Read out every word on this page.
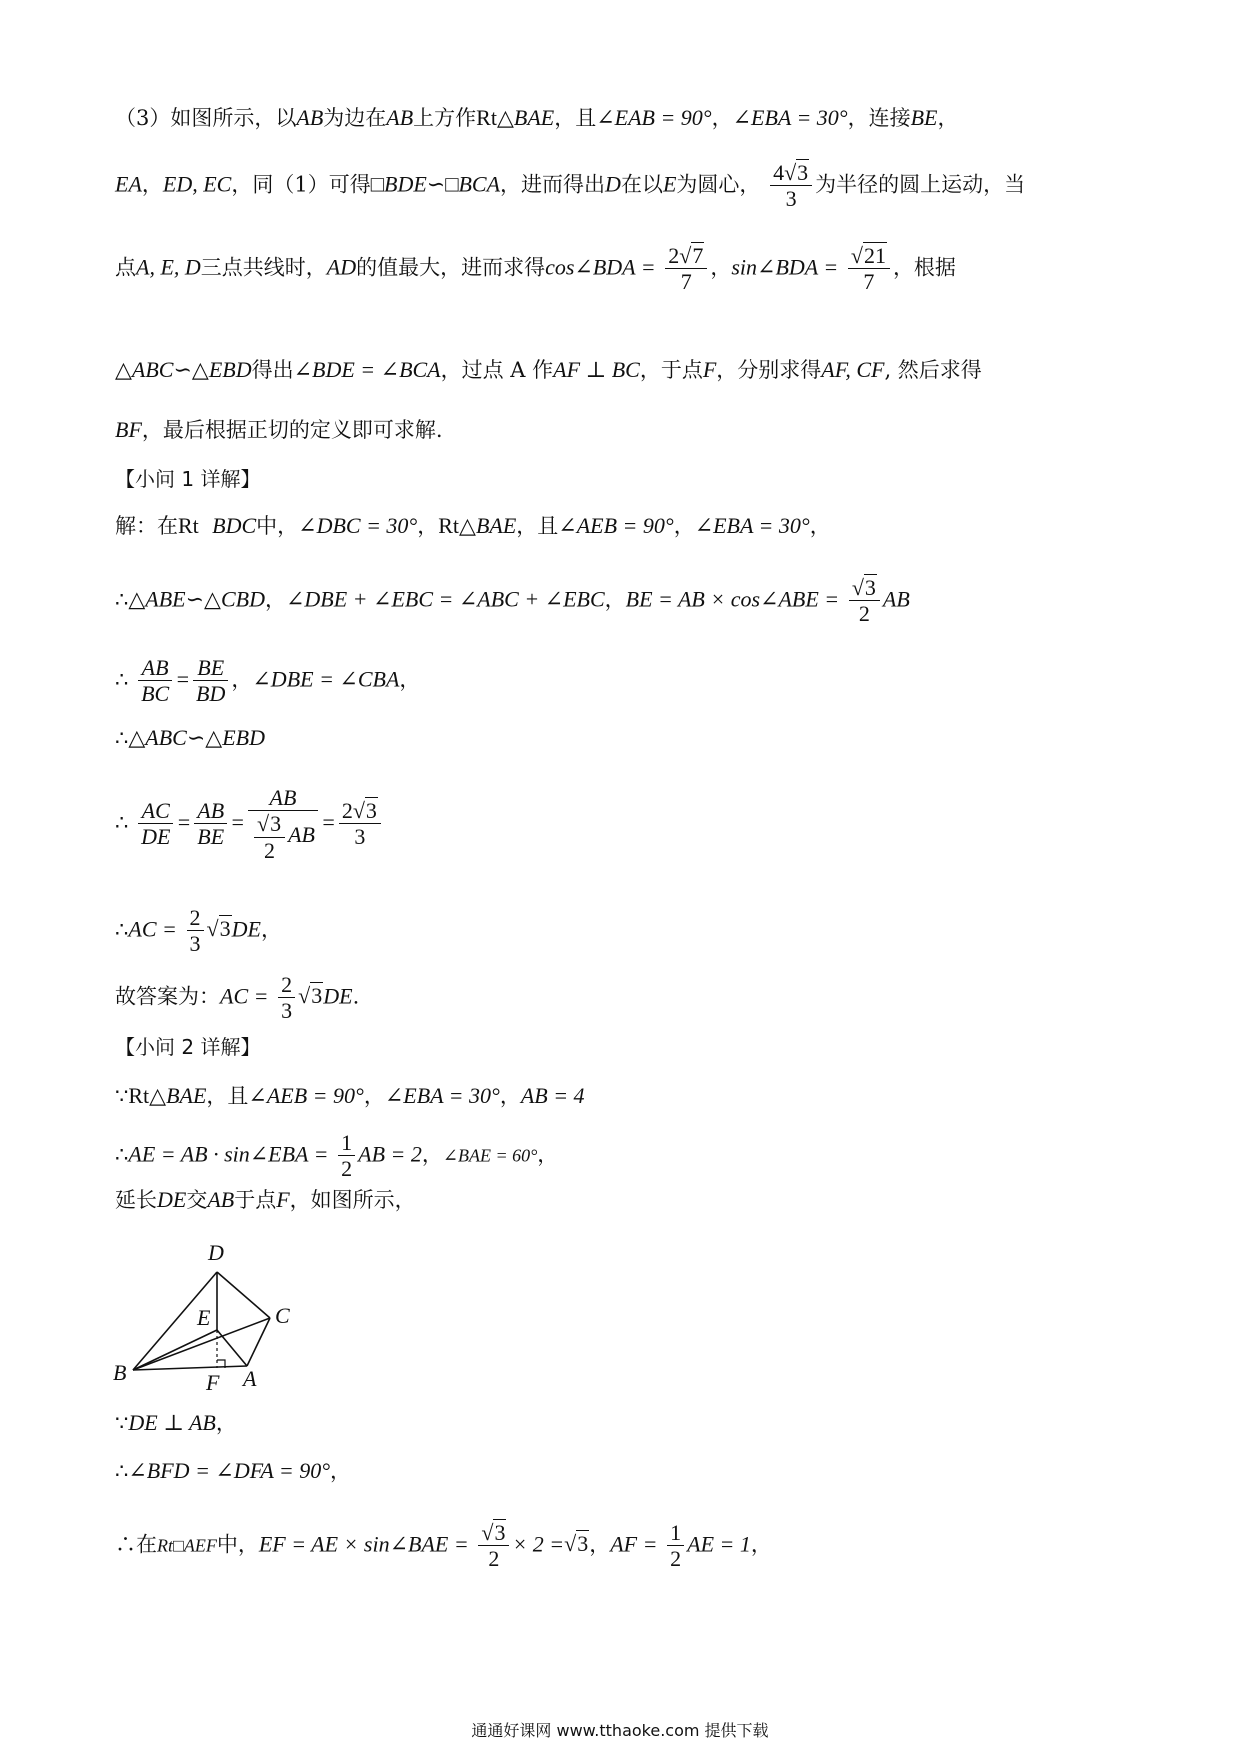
（3）如图所示，以AB为边在AB上方作Rt△BAE，且∠EAB = 90°，∠EBA = 30°，连接BE，
EA，ED, EC，同（1）可得□BDE∽□BCA，进而得出D在以E为圆心， $\frac{4√3}{3}$ 为半径的圆上运动，当
点A, E, D三点共线时，AD的值最大，进而求得cos∠BDA = $\frac{2√7}{7}$ ，sin∠BDA = $\frac{√21}{7}$ ，根据
△ABC∽△EBD得出∠BDE = ∠BCA，过点 A 作AF ⊥ BC，于点F，分别求得AF, CF, 然后求得
BF，最后根据正切的定义即可求解.
【小问 1 详解】
解：在Rt BDC中，∠DBC = 30°，Rt△BAE，且∠AEB = 90°，∠EBA = 30°，
∴△ABE∽△CBD，∠DBE + ∠EBC = ∠ABC + ∠EBC，BE = AB × cos∠ABE = $\frac{√3}{2}$ AB
∴ $\frac{AB}{BC} = \frac{BE}{BD}$ ，∠DBE = ∠CBA，
∴△ABC∽△EBD
∴ $\frac{AC}{DE} = \frac{AB}{BE} = \frac{AB}{\frac{√3}{2} AB} = \frac{2√3}{3}$
∴AC = $\frac{2}{3} √3DE$，
故答案为：AC = $\frac{2}{3} √3DE$.
【小问 2 详解】
∵Rt△BAE，且∠AEB = 90°，∠EBA = 30°，AB = 4
∴AE = AB · sin∠EBA = $\frac{1}{2}$ AB = 2，∠BAE = 60°，
延长DE交AB于点F，如图所示，
D
E	C
B	F A
∵DE ⊥ AB，
∴∠BFD = ∠DFA = 90°，
∴在Rt□AEF中，EF = AE × sin∠BAE = $\frac{√3}{2} \times 2 =√3$，AF = $\frac{1}{2}$ AE = 1，
通通好课网 www.tthaoke.com 提供下载
